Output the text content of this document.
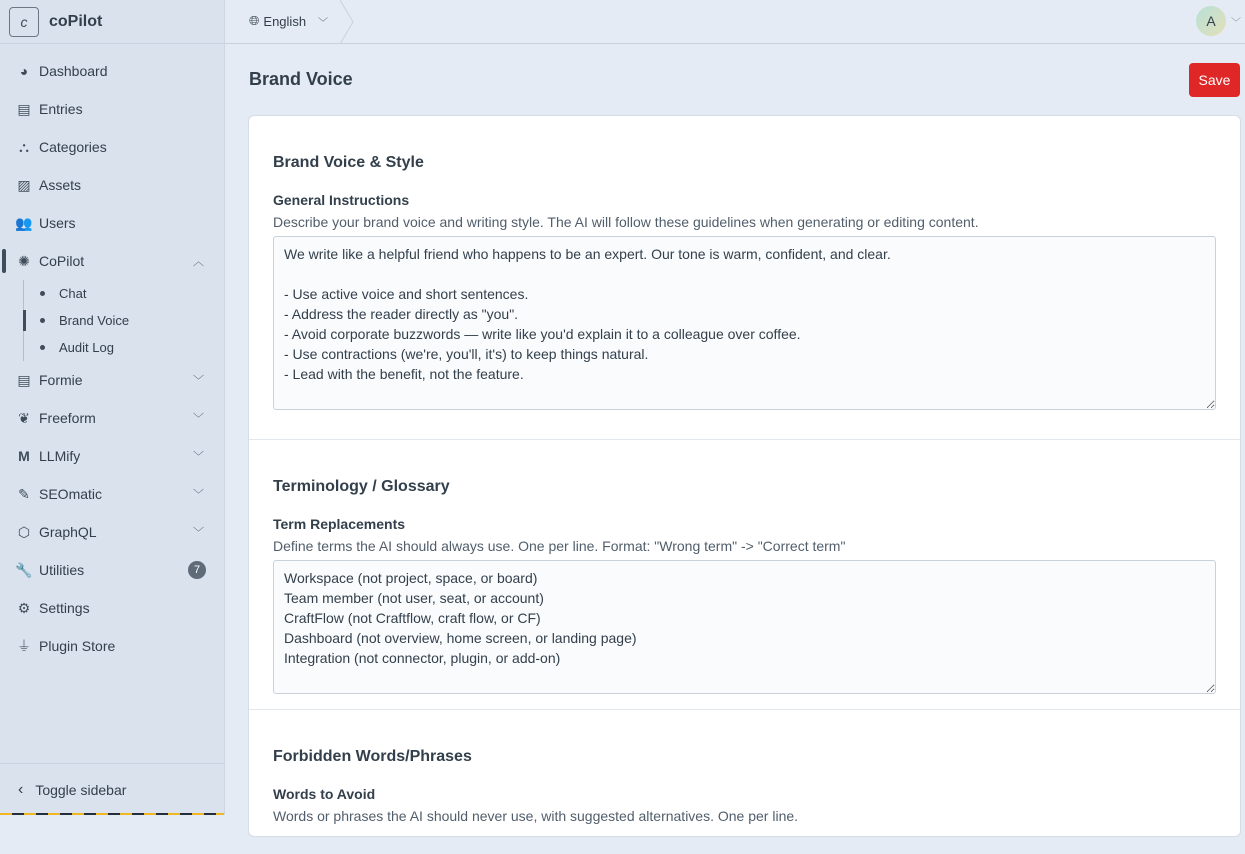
c	coPilot
◕ Dashboard
▤ Entries
⛬ Categories
▨ Assets
👥 Users
✺ CoPilot	︿
Chat
Brand Voice
Audit Log
▤ Formie	﹀
❦ Freeform	﹀
M LLMify	﹀
✎ SEOmatic	﹀
⬡ GraphQL	﹀
🔧 Utilities	7
⚙ Settings
⏚ Plugin Store
‹ Toggle sidebar
🌐︎ English ﹀	A	﹀
Brand Voice	Save
Brand Voice & Style
General Instructions
Describe your brand voice and writing style. The AI will follow these guidelines when generating or editing content.
We write like a helpful friend who happens to be an expert. Our tone is warm, confident, and clear. - Use active voice and short sentences. - Address the reader directly as "you". - Avoid corporate buzzwords — write like you'd explain it to a colleague over coffee. - Use contractions (we're, you'll, it's) to keep things natural. - Lead with the benefit, not the feature.
Terminology / Glossary
Term Replacements
Define terms the AI should always use. One per line. Format: "Wrong term" -> "Correct term"
Workspace (not project, space, or board) Team member (not user, seat, or account) CraftFlow (not Craftflow, craft flow, or CF) Dashboard (not overview, home screen, or landing page) Integration (not connector, plugin, or add-on)
Forbidden Words/Phrases
Words to Avoid
Words or phrases the AI should never use, with suggested alternatives. One per line.
